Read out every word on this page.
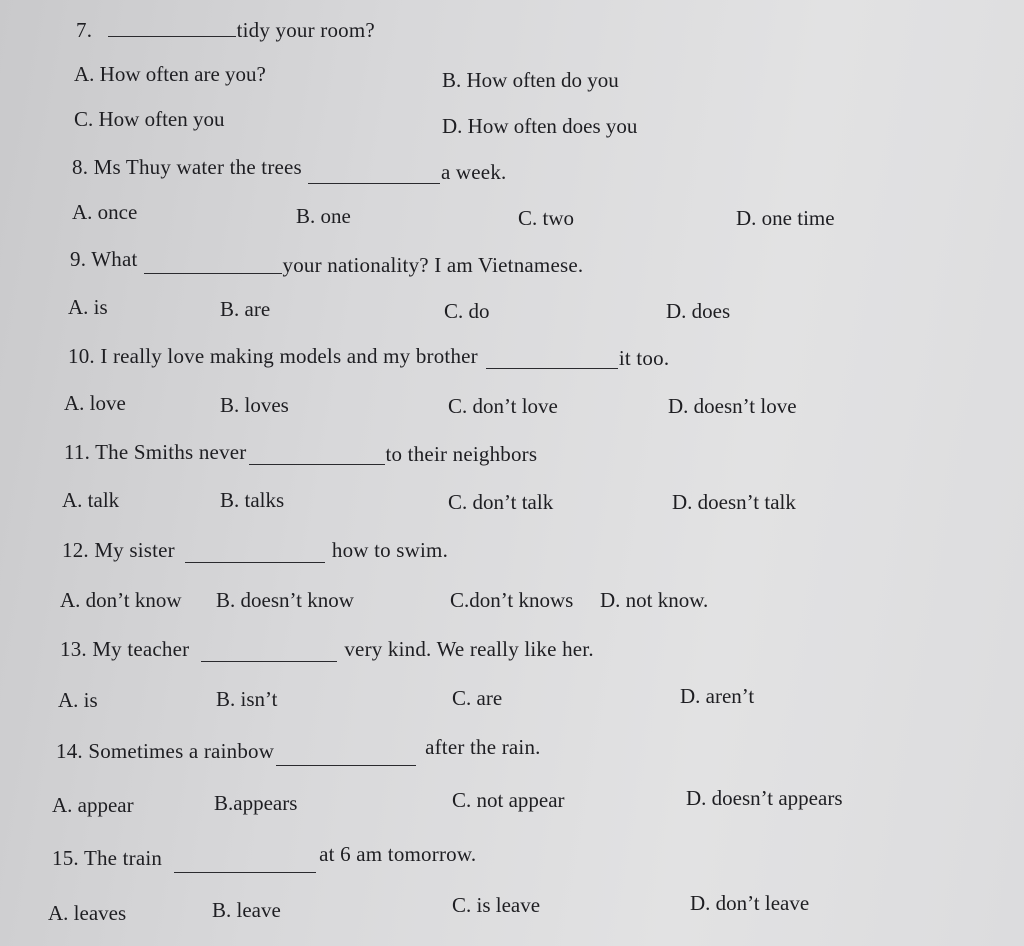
7.	tidy your room?
A. How often are you?	B. How often do you
C. How often you	D. How often does you
8. Ms Thuy water the trees	a week.
A. once	B. one	C. two	D. one time
9. What	your nationality? I am Vietnamese.
A. is	B. are	C. do	D. does
10. I really love making models and my brother	it too.
A. love	B. loves	C. don’t love	D. doesn’t love
11. The Smiths never	to their neighbors
A. talk	B. talks	C. don’t talk	D. doesn’t talk
12. My sister	how to swim.
A. don’t know B. doesn’t know	C.don’t knows D. not know.
13. My teacher	very kind. We really like her.
A. is	B. isn’t	C. are	D. aren’t
14. Sometimes a rainbow	after the rain.
A. appear	B.appears	C. not appear	D. doesn’t appears
15. The train	at 6 am tomorrow.
A. leaves	B. leave	C. is leave	D. don’t leave
